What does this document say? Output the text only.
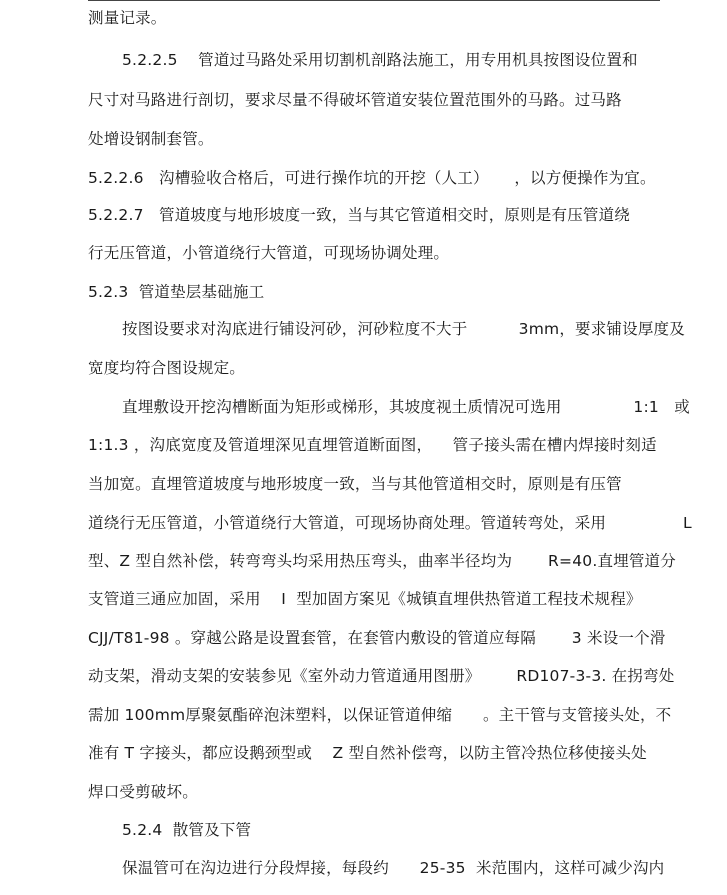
测量记录。
5.2.2.5    管道过马路处采用切割机剖路法施工，用专用机具按图设位置和
尺寸对马路进行剖切，要求尽量不得破坏管道安装位置范围外的马路。过马路
处增设钢制套管。
5.2.2.6   沟槽验收合格后，可进行操作坑的开挖（人工）     ，以方便操作为宜。
5.2.2.7   管道坡度与地形坡度一致，当与其它管道相交时，原则是有压管道绕
行无压管道，小管道绕行大管道，可现场协调处理。
5.2.3  管道垫层基础施工
按图设要求对沟底进行铺设河砂，河砂粒度不大于          3mm，要求铺设厚度及
宽度均符合图设规定。
直埋敷设开挖沟槽断面为矩形或梯形，其坡度视土质情况可选用              1:1   或
1:1.3 ，沟底宽度及管道埋深见直埋管道断面图，    管子接头需在槽内焊接时刻适
当加宽。直埋管道坡度与地形坡度一致，当与其他管道相交时，原则是有压管
道绕行无压管道，小管道绕行大管道，可现场协商处理。管道转弯处，采用               L
型、Z 型自然补偿，转弯弯头均采用热压弯头，曲率半径均为       R=40.直埋管道分
支管道三通应加固，采用    I  型加固方案见《城镇直埋供热管道工程技术规程》
CJJ/T81-98 。穿越公路是设置套管，在套管内敷设的管道应每隔       3 米设一个滑
动支架，滑动支架的安装参见《室外动力管道通用图册》       RD107-3-3. 在拐弯处
需加 100mm厚聚氨酯碎泡沫塑料，以保证管道伸缩      。主干管与支管接头处，不
准有 T 字接头，都应设鹅颈型或    Z 型自然补偿弯，以防主管冷热位移使接头处
焊口受剪破坏。
5.2.4  散管及下管
保温管可在沟边进行分段焊接，每段约      25-35  米范围内，这样可减少沟内
